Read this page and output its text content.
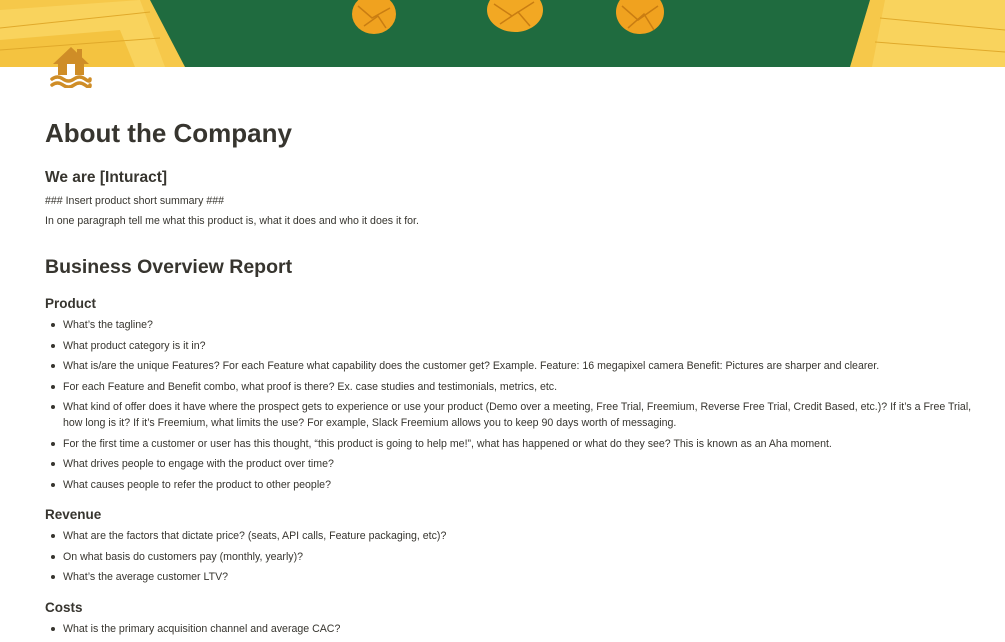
About the Company
We are [Inturact]

### Insert product short summary ###

In one paragraph tell me what this product is, what it does and who it does it for.

Business Overview Report
Product
What’s the tagline?
What product category is it in?
What is/are the unique Features? For each Feature what capability does the customer get? Example. Feature: 16 megapixel camera Benefit: Pictures are sharper and clearer.
For each Feature and Benefit combo, what proof is there? Ex. case studies and testimonials, metrics, etc.
What kind of offer does it have where the prospect gets to experience or use your product (Demo over a meeting, Free Trial, Freemium, Reverse Free Trial, Credit Based, etc.)? If it’s a Free Trial, how long is it? If it’s Freemium, what limits the use? For example, Slack Freemium allows you to keep 90 days worth of messaging.
For the first time a customer or user has this thought, “this product is going to help me!”, what has happened or what do they see? This is known as an Aha moment.
What drives people to engage with the product over time?
What causes people to refer the product to other people?
Revenue
What are the factors that dictate price? (seats, API calls, Feature packaging, etc)?
On what basis do customers pay (monthly, yearly)?
What’s the average customer LTV?
Costs
What is the primary acquisition channel and average CAC?
